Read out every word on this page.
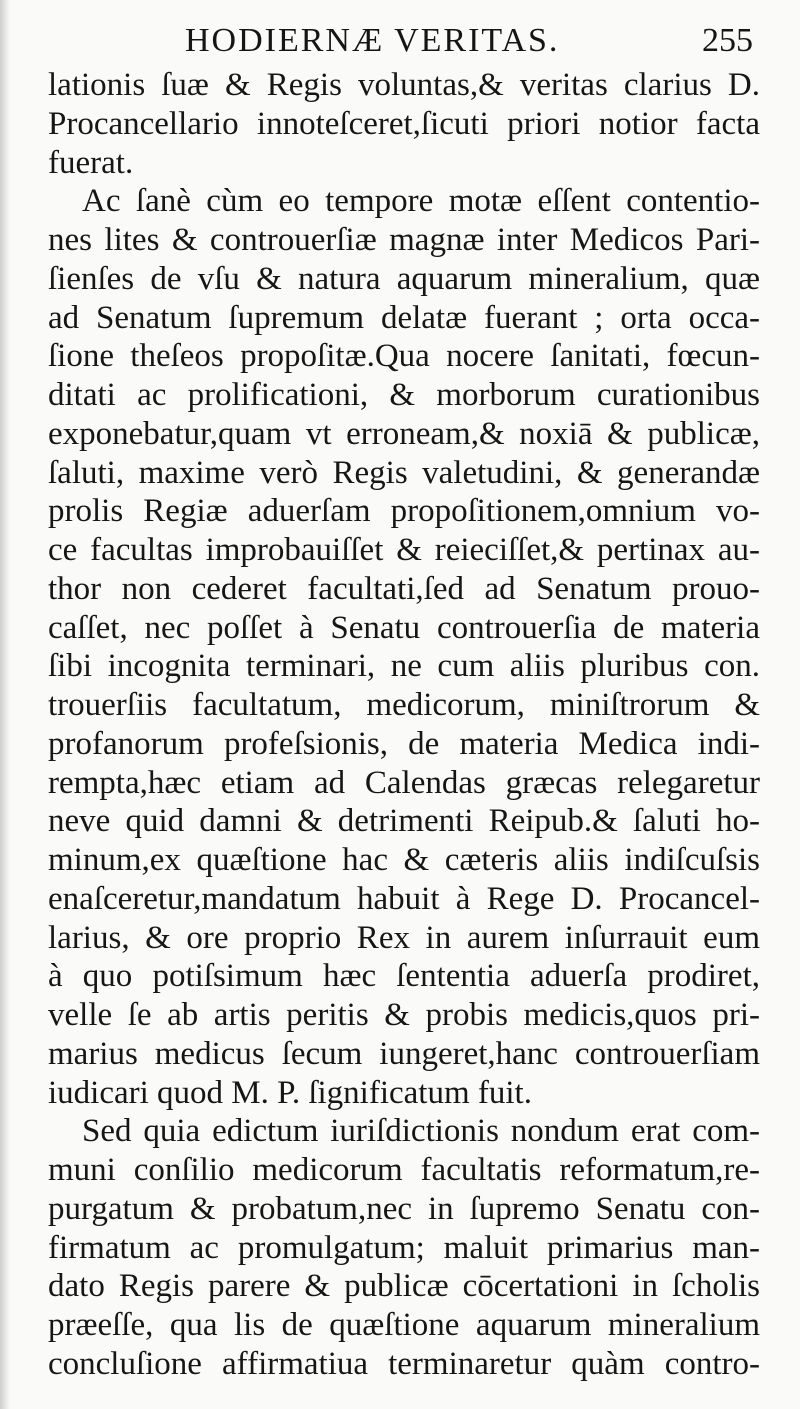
HODIERNÆ VERITAS.	255
lationis ſuæ & Regis voluntas,& veritas clarius D.
Procancellario innoteſceret,ſicuti priori notior facta
fuerat.
Ac ſanè cùm eo tempore motæ eſſent contentio-
nes lites & controuerſiæ magnæ inter Medicos Pari-
ſienſes de vſu & natura aquarum mineralium, quæ
ad Senatum ſupremum delatæ fuerant ; orta occa-
ſione theſeos propoſitæ.Qua nocere ſanitati, fœcun-
ditati ac prolificationi, & morborum curationibus
exponebatur,quam vt erroneam,& noxiā & publicæ,
ſaluti, maxime verò Regis valetudini, & generandæ
prolis Regiæ aduerſam propoſitionem,omnium vo-
ce facultas improbauiſſet & reieciſſet,& pertinax au-
thor non cederet facultati,ſed ad Senatum prouo-
caſſet, nec poſſet à Senatu controuerſia de materia
ſibi incognita terminari, ne cum aliis pluribus con.
trouerſiis facultatum, medicorum, miniſtrorum &
profanorum profeſsionis, de materia Medica indi-
rempta,hæc etiam ad Calendas græcas relegaretur
neve quid damni & detrimenti Reipub.& ſaluti ho-
minum,ex quæſtione hac & cæteris aliis indiſcuſsis
enaſceretur,mandatum habuit à Rege D. Procancel-
larius, & ore proprio Rex in aurem inſurrauit eum
à quo potiſsimum hæc ſententia aduerſa prodiret,
velle ſe ab artis peritis & probis medicis,quos pri-
marius medicus ſecum iungeret,hanc controuerſiam
iudicari quod M. P. ſignificatum fuit.
Sed quia edictum iuriſdictionis nondum erat com-
muni conſilio medicorum facultatis reformatum,re-
purgatum & probatum,nec in ſupremo Senatu con-
firmatum ac promulgatum; maluit primarius man-
dato Regis parere & publicæ cōcertationi in ſcholis
præeſſe, qua lis de quæſtione aquarum mineralium
concluſione affirmatiua terminaretur quàm contro-
